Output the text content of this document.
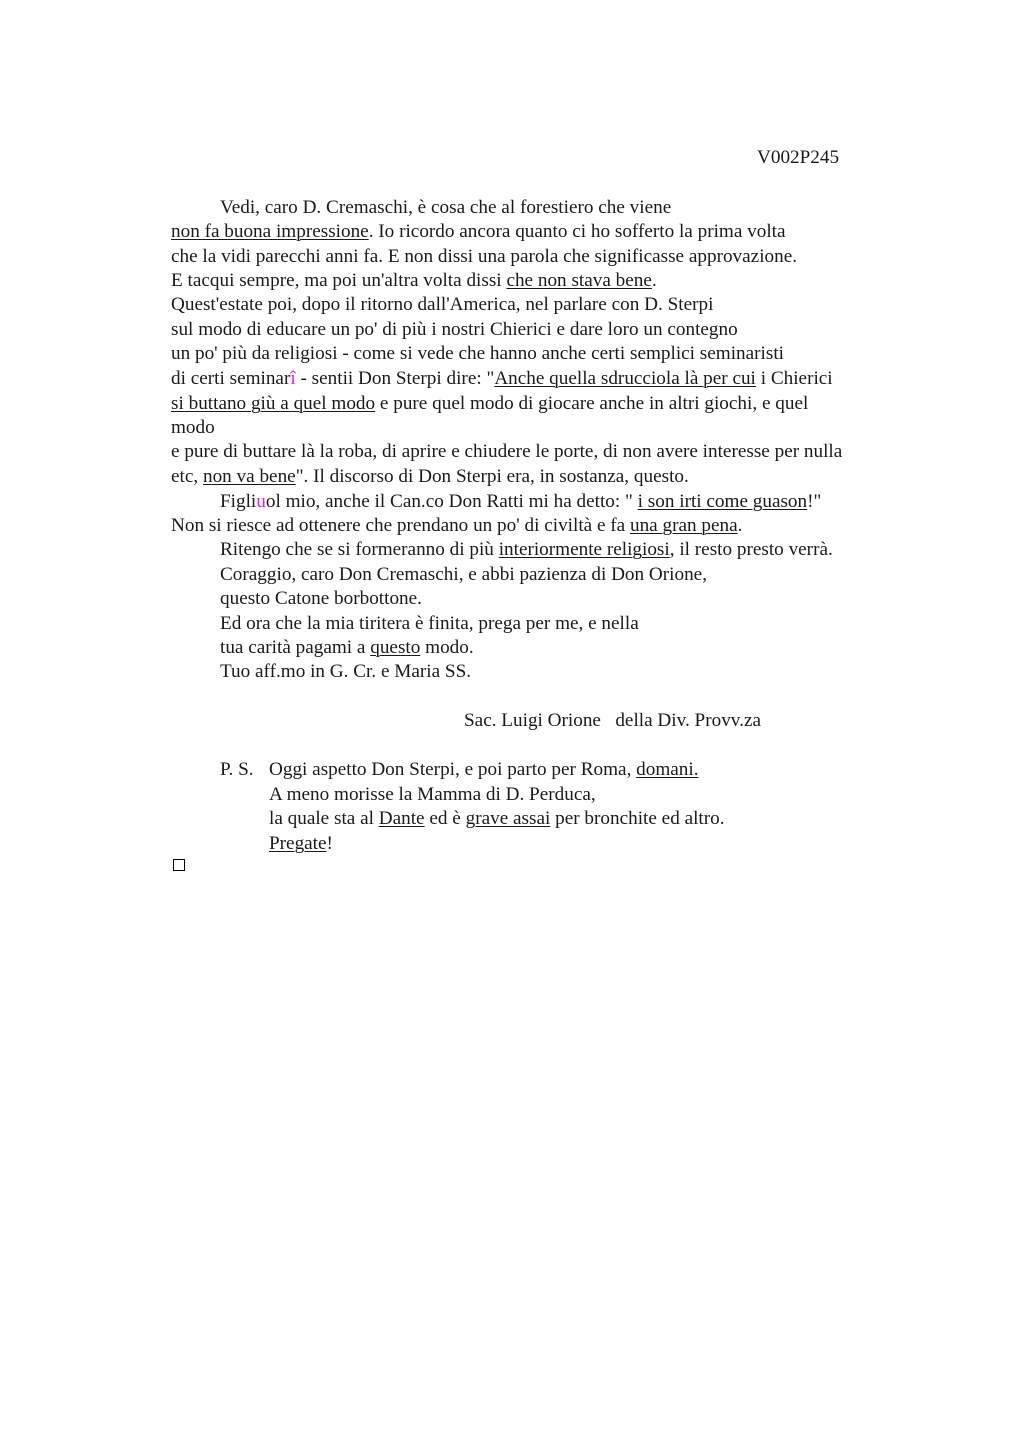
V002P245
Vedi, caro D. Cremaschi, è cosa che al forestiero che viene
non fa buona impressione. Io ricordo ancora quanto ci ho sofferto la prima volta
che la vidi parecchi anni fa. E non dissi una parola che significasse approvazione.
E tacqui sempre, ma poi un'altra volta dissi che non stava bene.
Quest'estate poi, dopo il ritorno dall'America, nel parlare con D. Sterpi
sul modo di educare un po' di più i nostri Chierici e dare loro un contegno
un po' più da religiosi - come si vede che hanno anche certi semplici seminaristi
di certi seminarî - sentii Don Sterpi dire: "Anche quella sdrucciola là per cui i Chierici
si buttano giù a quel modo e pure quel modo di giocare anche in altri giochi, e quel
modo
e pure di buttare là la roba, di aprire e chiudere le porte, di non avere interesse per nulla
etc, non va bene". Il discorso di Don Sterpi era, in sostanza, questo.
Figliuol mio, anche il Can.co Don Ratti mi ha detto: " i son irti come guason!"
Non si riesce ad ottenere che prendano un po' di civiltà e fa una gran pena.
Ritengo che se si formeranno di più interiormente religiosi, il resto presto verrà.
Coraggio, caro Don Cremaschi, e abbi pazienza di Don Orione,
questo Catone borbottone.
Ed ora che la mia tiritera è finita, prega per me, e nella
tua carità pagami a questo modo.
Tuo aff.mo in G. Cr. e Maria SS.
Sac. Luigi Orione   della Div. Provv.za
P. S. Oggi aspetto Don Sterpi, e poi parto per Roma, domani.
A meno morisse la Mamma di D. Perduca,
la quale sta al Dante ed è grave assai per bronchite ed altro.
Pregate!
